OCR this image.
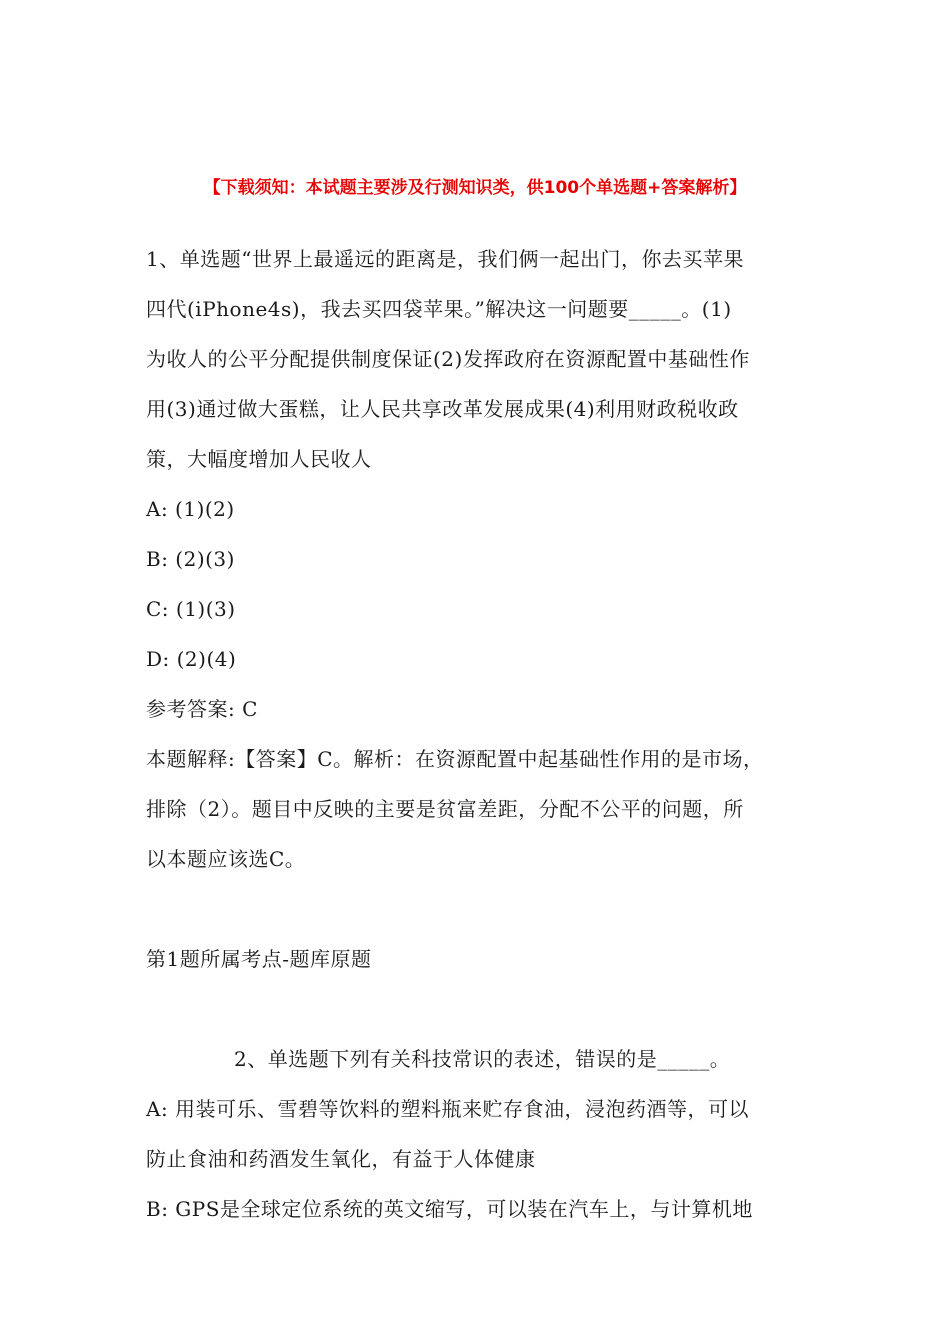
【下载须知：本试题主要涉及行测知识类，供100个单选题+答案解析】
1、单选题“世界上最遥远的距离是，我们俩一起出门，你去买苹果
四代(iPhone4s)，我去买四袋苹果。”解决这一问题要_____。(1)
为收人的公平分配提供制度保证(2)发挥政府在资源配置中基础性作
用(3)通过做大蛋糕，让人民共享改革发展成果(4)利用财政税收政
策，大幅度增加人民收人
A: (1)(2)
B: (2)(3)
C: (1)(3)
D: (2)(4)
参考答案: C
本题解释:【答案】C。解析：在资源配置中起基础性作用的是市场，
排除（2）。题目中反映的主要是贫富差距，分配不公平的问题，所
以本题应该选C。
第1题所属考点-题库原题
2、单选题下列有关科技常识的表述，错误的是_____。
A: 用装可乐、雪碧等饮料的塑料瓶来贮存食油，浸泡药酒等，可以
防止食油和药酒发生氧化，有益于人体健康
B: GPS是全球定位系统的英文缩写，可以装在汽车上，与计算机地
